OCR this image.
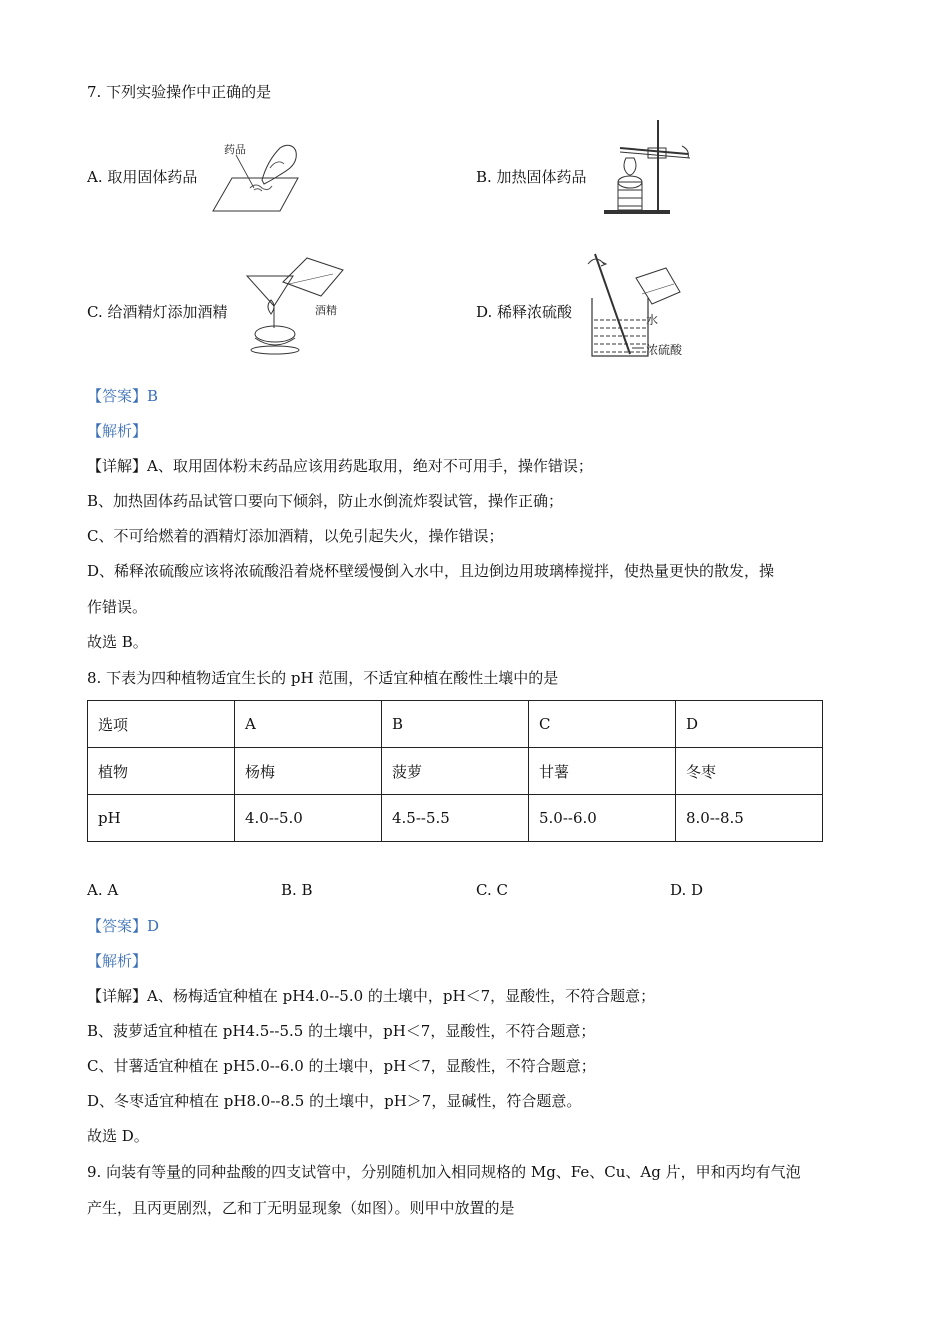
7. 下列实验操作中正确的是
A. 取用固体药品	B. 加热固体药品
C. 给酒精灯添加酒精	D. 稀释浓硫酸
药品
酒精
水
浓硫酸
【答案】B
【解析】
【详解】A、取用固体粉末药品应该用药匙取用，绝对不可用手，操作错误；
B、加热固体药品试管口要向下倾斜，防止水倒流炸裂试管，操作正确；
C、不可给燃着的酒精灯添加酒精，以免引起失火，操作错误；
D、稀释浓硫酸应该将浓硫酸沿着烧杯壁缓慢倒入水中，且边倒边用玻璃棒搅拌，使热量更快的散发，操
作错误。
故选 B。
8. 下表为四种植物适宜生长的 pH 范围，不适宜种植在酸性土壤中的是
选项	A	B	C	D
植物	杨梅	菠萝	甘薯	冬枣
pH	4.0--5.0	4.5--5.5	5.0--6.0	8.0--8.5
A. A	B. B	C. C	D. D
【答案】D
【解析】
【详解】A、杨梅适宜种植在 pH4.0--5.0 的土壤中，pH＜7，显酸性，不符合题意；
B、菠萝适宜种植在 pH4.5--5.5 的土壤中，pH＜7，显酸性，不符合题意；
C、甘薯适宜种植在 pH5.0--6.0 的土壤中，pH＜7，显酸性，不符合题意；
D、冬枣适宜种植在 pH8.0--8.5 的土壤中，pH＞7，显碱性，符合题意。
故选 D。
9. 向装有等量的同种盐酸的四支试管中，分别随机加入相同规格的 Mg、Fe、Cu、Ag 片，甲和丙均有气泡
产生，且丙更剧烈，乙和丁无明显现象（如图）。则甲中放置的是
